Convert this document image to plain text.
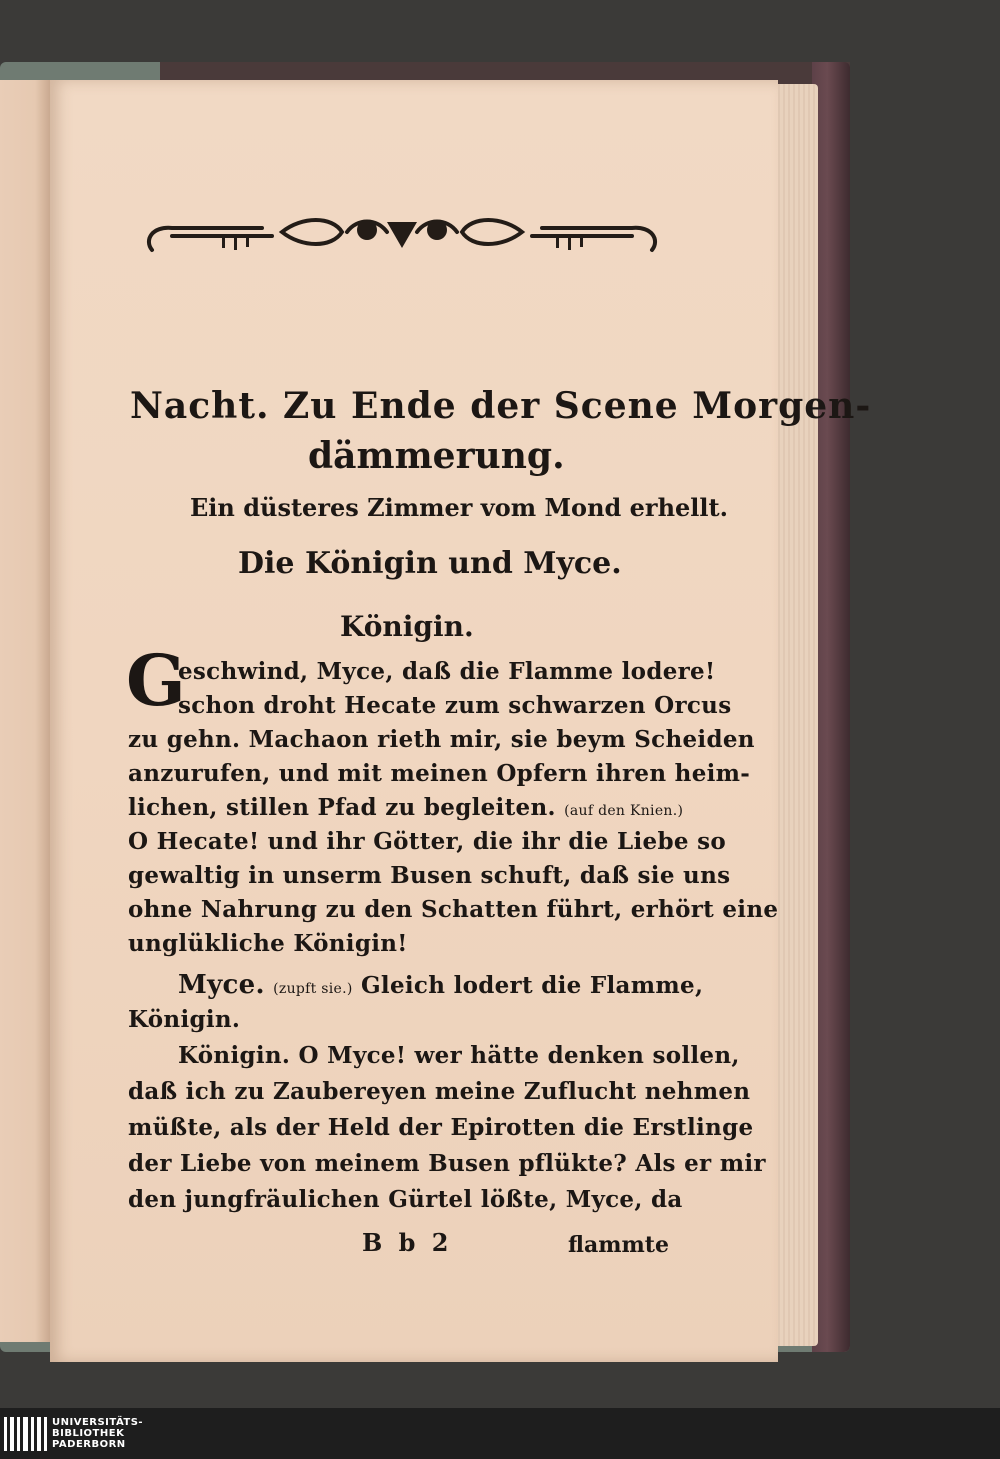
Nacht. Zu Ende der Scene Morgen-
dämmerung.
Ein düsteres Zimmer vom Mond erhellt.
Die Königin und Myce.
Königin.
G
eschwind, Myce, daß die Flamme lodere!
schon droht Hecate zum schwarzen Orcus
zu gehn. Machaon rieth mir, sie beym Scheiden
anzurufen, und mit meinen Opfern ihren heim-
lichen, stillen Pfad zu begleiten. (auf den Knien.)
O Hecate! und ihr Götter, die ihr die Liebe so
gewaltig in unserm Busen schuft, daß sie uns
ohne Nahrung zu den Schatten führt, erhört eine
unglükliche Königin!
Myce. (zupft sie.) Gleich lodert die Flamme,
Königin.
Königin. O Myce! wer hätte denken sollen,
daß ich zu Zaubereyen meine Zuflucht nehmen
müßte, als der Held der Epirotten die Erstlinge
der Liebe von meinem Busen pflükte? Als er mir
den jungfräulichen Gürtel lößte, Myce, da
B b 2	flammte
UNIVERSITÄTS-
BIBLIOTHEK
PADERBORN
